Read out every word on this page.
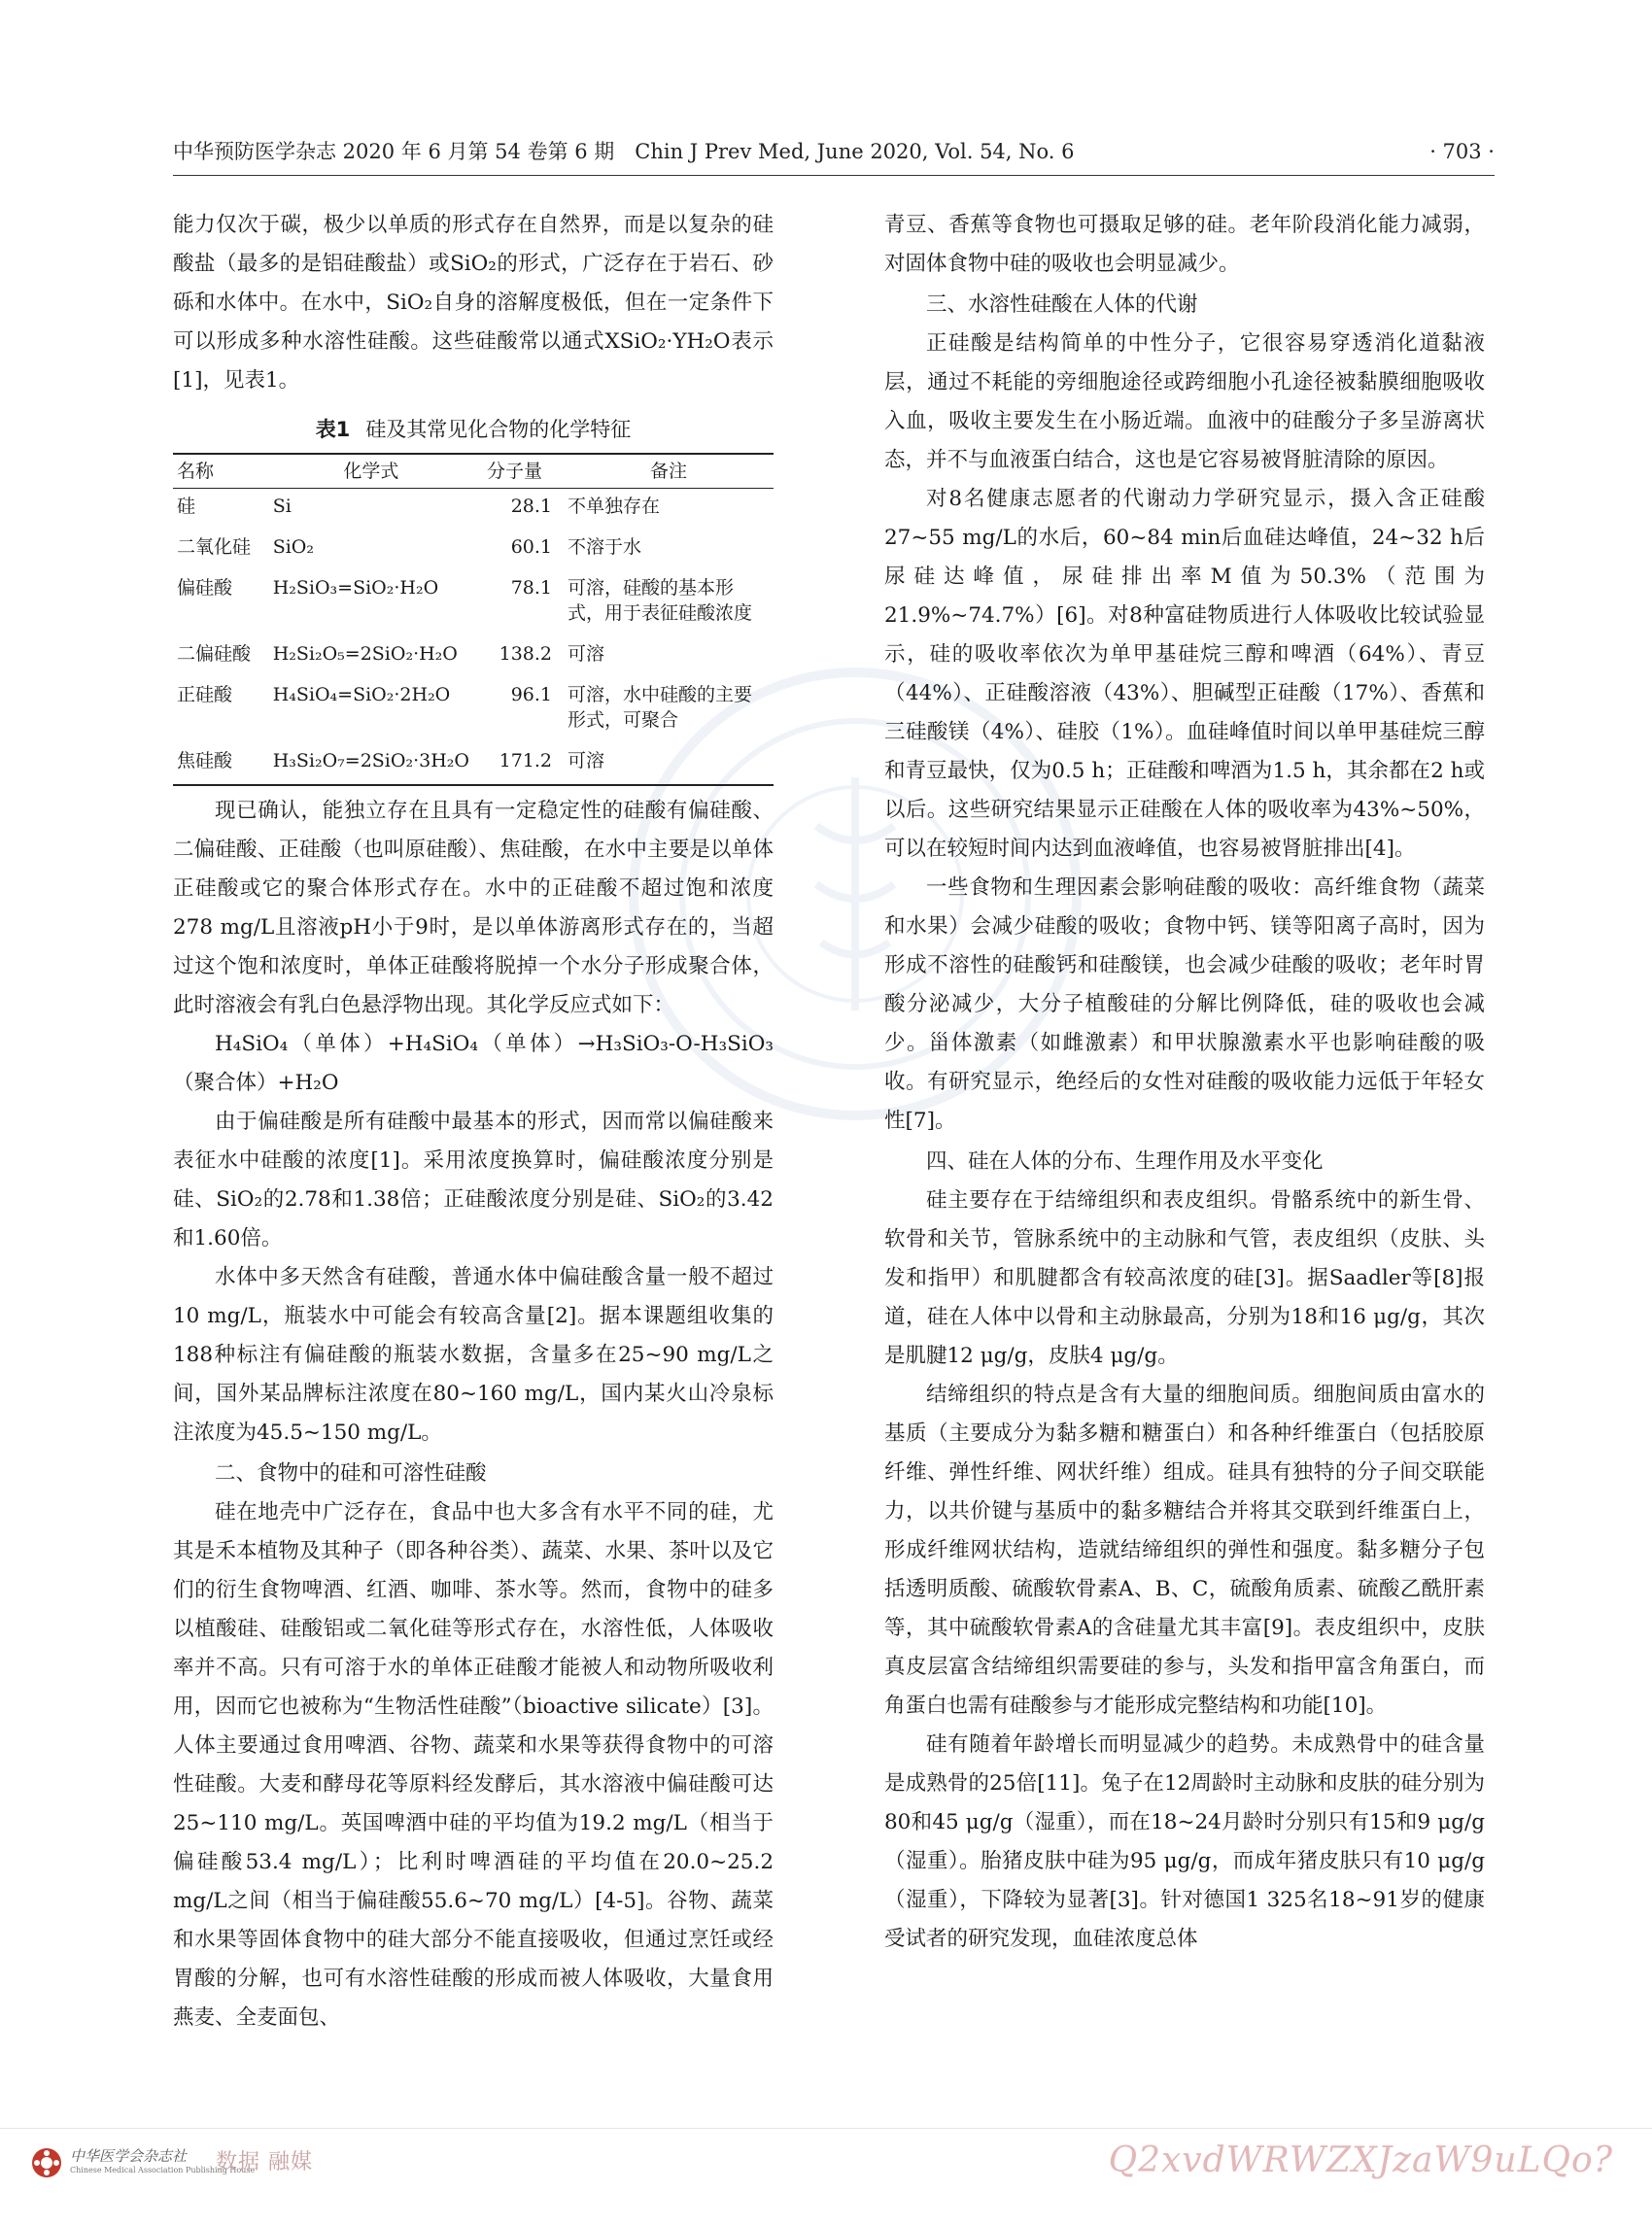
中华预防医学杂志 2020 年 6 月第 54 卷第 6 期　Chin J Prev Med, June 2020, Vol. 54, No. 6	· 703 ·

能力仅次于碳，极少以单质的形式存在自然界，而是以复杂的硅酸盐（最多的是铝硅酸盐）或SiO₂的形式，广泛存在于岩石、砂砾和水体中。在水中，SiO₂自身的溶解度极低，但在一定条件下可以形成多种水溶性硅酸。这些硅酸常以通式XSiO₂·YH₂O表示[1]，见表1。

表1 硅及其常见化合物的化学特征
名称	化学式	分子量	备注
硅	Si	28.1	不单独存在
二氧化硅	SiO₂	60.1	不溶于水
偏硅酸	H₂SiO₃=SiO₂·H₂O	78.1	可溶，硅酸的基本形式，用于表征硅酸浓度
二偏硅酸	H₂Si₂O₅=2SiO₂·H₂O	138.2	可溶
正硅酸	H₄SiO₄=SiO₂·2H₂O	96.1	可溶，水中硅酸的主要形式，可聚合
焦硅酸	H₃Si₂O₇=2SiO₂·3H₂O	171.2	可溶

现已确认，能独立存在且具有一定稳定性的硅酸有偏硅酸、二偏硅酸、正硅酸（也叫原硅酸）、焦硅酸，在水中主要是以单体正硅酸或它的聚合体形式存在。水中的正硅酸不超过饱和浓度278 mg/L且溶液pH小于9时，是以单体游离形式存在的，当超过这个饱和浓度时，单体正硅酸将脱掉一个水分子形成聚合体，此时溶液会有乳白色悬浮物出现。其化学反应式如下：

H₄SiO₄（单体）+H₄SiO₄（单体）→H₃SiO₃-O-H₃SiO₃（聚合体）+H₂O

由于偏硅酸是所有硅酸中最基本的形式，因而常以偏硅酸来表征水中硅酸的浓度[1]。采用浓度换算时，偏硅酸浓度分别是硅、SiO₂的2.78和1.38倍；正硅酸浓度分别是硅、SiO₂的3.42和1.60倍。

水体中多天然含有硅酸，普通水体中偏硅酸含量一般不超过10 mg/L，瓶装水中可能会有较高含量[2]。据本课题组收集的188种标注有偏硅酸的瓶装水数据，含量多在25~90 mg/L之间，国外某品牌标注浓度在80~160 mg/L，国内某火山冷泉标注浓度为45.5~150 mg/L。

二、食物中的硅和可溶性硅酸

硅在地壳中广泛存在，食品中也大多含有水平不同的硅，尤其是禾本植物及其种子（即各种谷类）、蔬菜、水果、茶叶以及它们的衍生食物啤酒、红酒、咖啡、茶水等。然而，食物中的硅多以植酸硅、硅酸铝或二氧化硅等形式存在，水溶性低，人体吸收率并不高。只有可溶于水的单体正硅酸才能被人和动物所吸收利用，因而它也被称为“生物活性硅酸”（bioactive silicate）[3]。人体主要通过食用啤酒、谷物、蔬菜和水果等获得食物中的可溶性硅酸。大麦和酵母花等原料经发酵后，其水溶液中偏硅酸可达25~110 mg/L。英国啤酒中硅的平均值为19.2 mg/L（相当于偏硅酸53.4 mg/L）；比利时啤酒硅的平均值在20.0~25.2 mg/L之间（相当于偏硅酸55.6~70 mg/L）[4-5]。谷物、蔬菜和水果等固体食物中的硅大部分不能直接吸收，但通过烹饪或经胃酸的分解，也可有水溶性硅酸的形成而被人体吸收，大量食用燕麦、全麦面包、

青豆、香蕉等食物也可摄取足够的硅。老年阶段消化能力减弱，对固体食物中硅的吸收也会明显减少。

三、水溶性硅酸在人体的代谢

正硅酸是结构简单的中性分子，它很容易穿透消化道黏液层，通过不耗能的旁细胞途径或跨细胞小孔途径被黏膜细胞吸收入血，吸收主要发生在小肠近端。血液中的硅酸分子多呈游离状态，并不与血液蛋白结合，这也是它容易被肾脏清除的原因。

对8名健康志愿者的代谢动力学研究显示，摄入含正硅酸27~55 mg/L的水后，60~84 min后血硅达峰值，24~32 h后尿硅达峰值，尿硅排出率M值为50.3%（范围为21.9%~74.7%）[6]。对8种富硅物质进行人体吸收比较试验显示，硅的吸收率依次为单甲基硅烷三醇和啤酒（64%）、青豆（44%）、正硅酸溶液（43%）、胆碱型正硅酸（17%）、香蕉和三硅酸镁（4%）、硅胶（1%）。血硅峰值时间以单甲基硅烷三醇和青豆最快，仅为0.5 h；正硅酸和啤酒为1.5 h，其余都在2 h或以后。这些研究结果显示正硅酸在人体的吸收率为43%~50%，可以在较短时间内达到血液峰值，也容易被肾脏排出[4]。

一些食物和生理因素会影响硅酸的吸收：高纤维食物（蔬菜和水果）会减少硅酸的吸收；食物中钙、镁等阳离子高时，因为形成不溶性的硅酸钙和硅酸镁，也会减少硅酸的吸收；老年时胃酸分泌减少，大分子植酸硅的分解比例降低，硅的吸收也会减少。甾体激素（如雌激素）和甲状腺激素水平也影响硅酸的吸收。有研究显示，绝经后的女性对硅酸的吸收能力远低于年轻女性[7]。

四、硅在人体的分布、生理作用及水平变化

硅主要存在于结缔组织和表皮组织。骨骼系统中的新生骨、软骨和关节，管脉系统中的主动脉和气管，表皮组织（皮肤、头发和指甲）和肌腱都含有较高浓度的硅[3]。据Saadler等[8]报道，硅在人体中以骨和主动脉最高，分别为18和16 μg/g，其次是肌腱12 μg/g，皮肤4 μg/g。

结缔组织的特点是含有大量的细胞间质。细胞间质由富水的基质（主要成分为黏多糖和糖蛋白）和各种纤维蛋白（包括胶原纤维、弹性纤维、网状纤维）组成。硅具有独特的分子间交联能力，以共价键与基质中的黏多糖结合并将其交联到纤维蛋白上，形成纤维网状结构，造就结缔组织的弹性和强度。黏多糖分子包括透明质酸、硫酸软骨素A、B、C，硫酸角质素、硫酸乙酰肝素等，其中硫酸软骨素A的含硅量尤其丰富[9]。表皮组织中，皮肤真皮层富含结缔组织需要硅的参与，头发和指甲富含角蛋白，而角蛋白也需有硅酸参与才能形成完整结构和功能[10]。

硅有随着年龄增长而明显减少的趋势。未成熟骨中的硅含量是成熟骨的25倍[11]。兔子在12周龄时主动脉和皮肤的硅分别为80和45 μg/g（湿重），而在18~24月龄时分别只有15和9 μg/g（湿重）。胎猪皮肤中硅为95 μg/g，而成年猪皮肤只有10 μg/g（湿重），下降较为显著[3]。针对德国1 325名18~91岁的健康受试者的研究发现，血硅浓度总体

中华医学会杂志社
Chinese Medical Association Publishing House
数据 融媒	Q2xvdWRWZXJzaW9uLQo?
